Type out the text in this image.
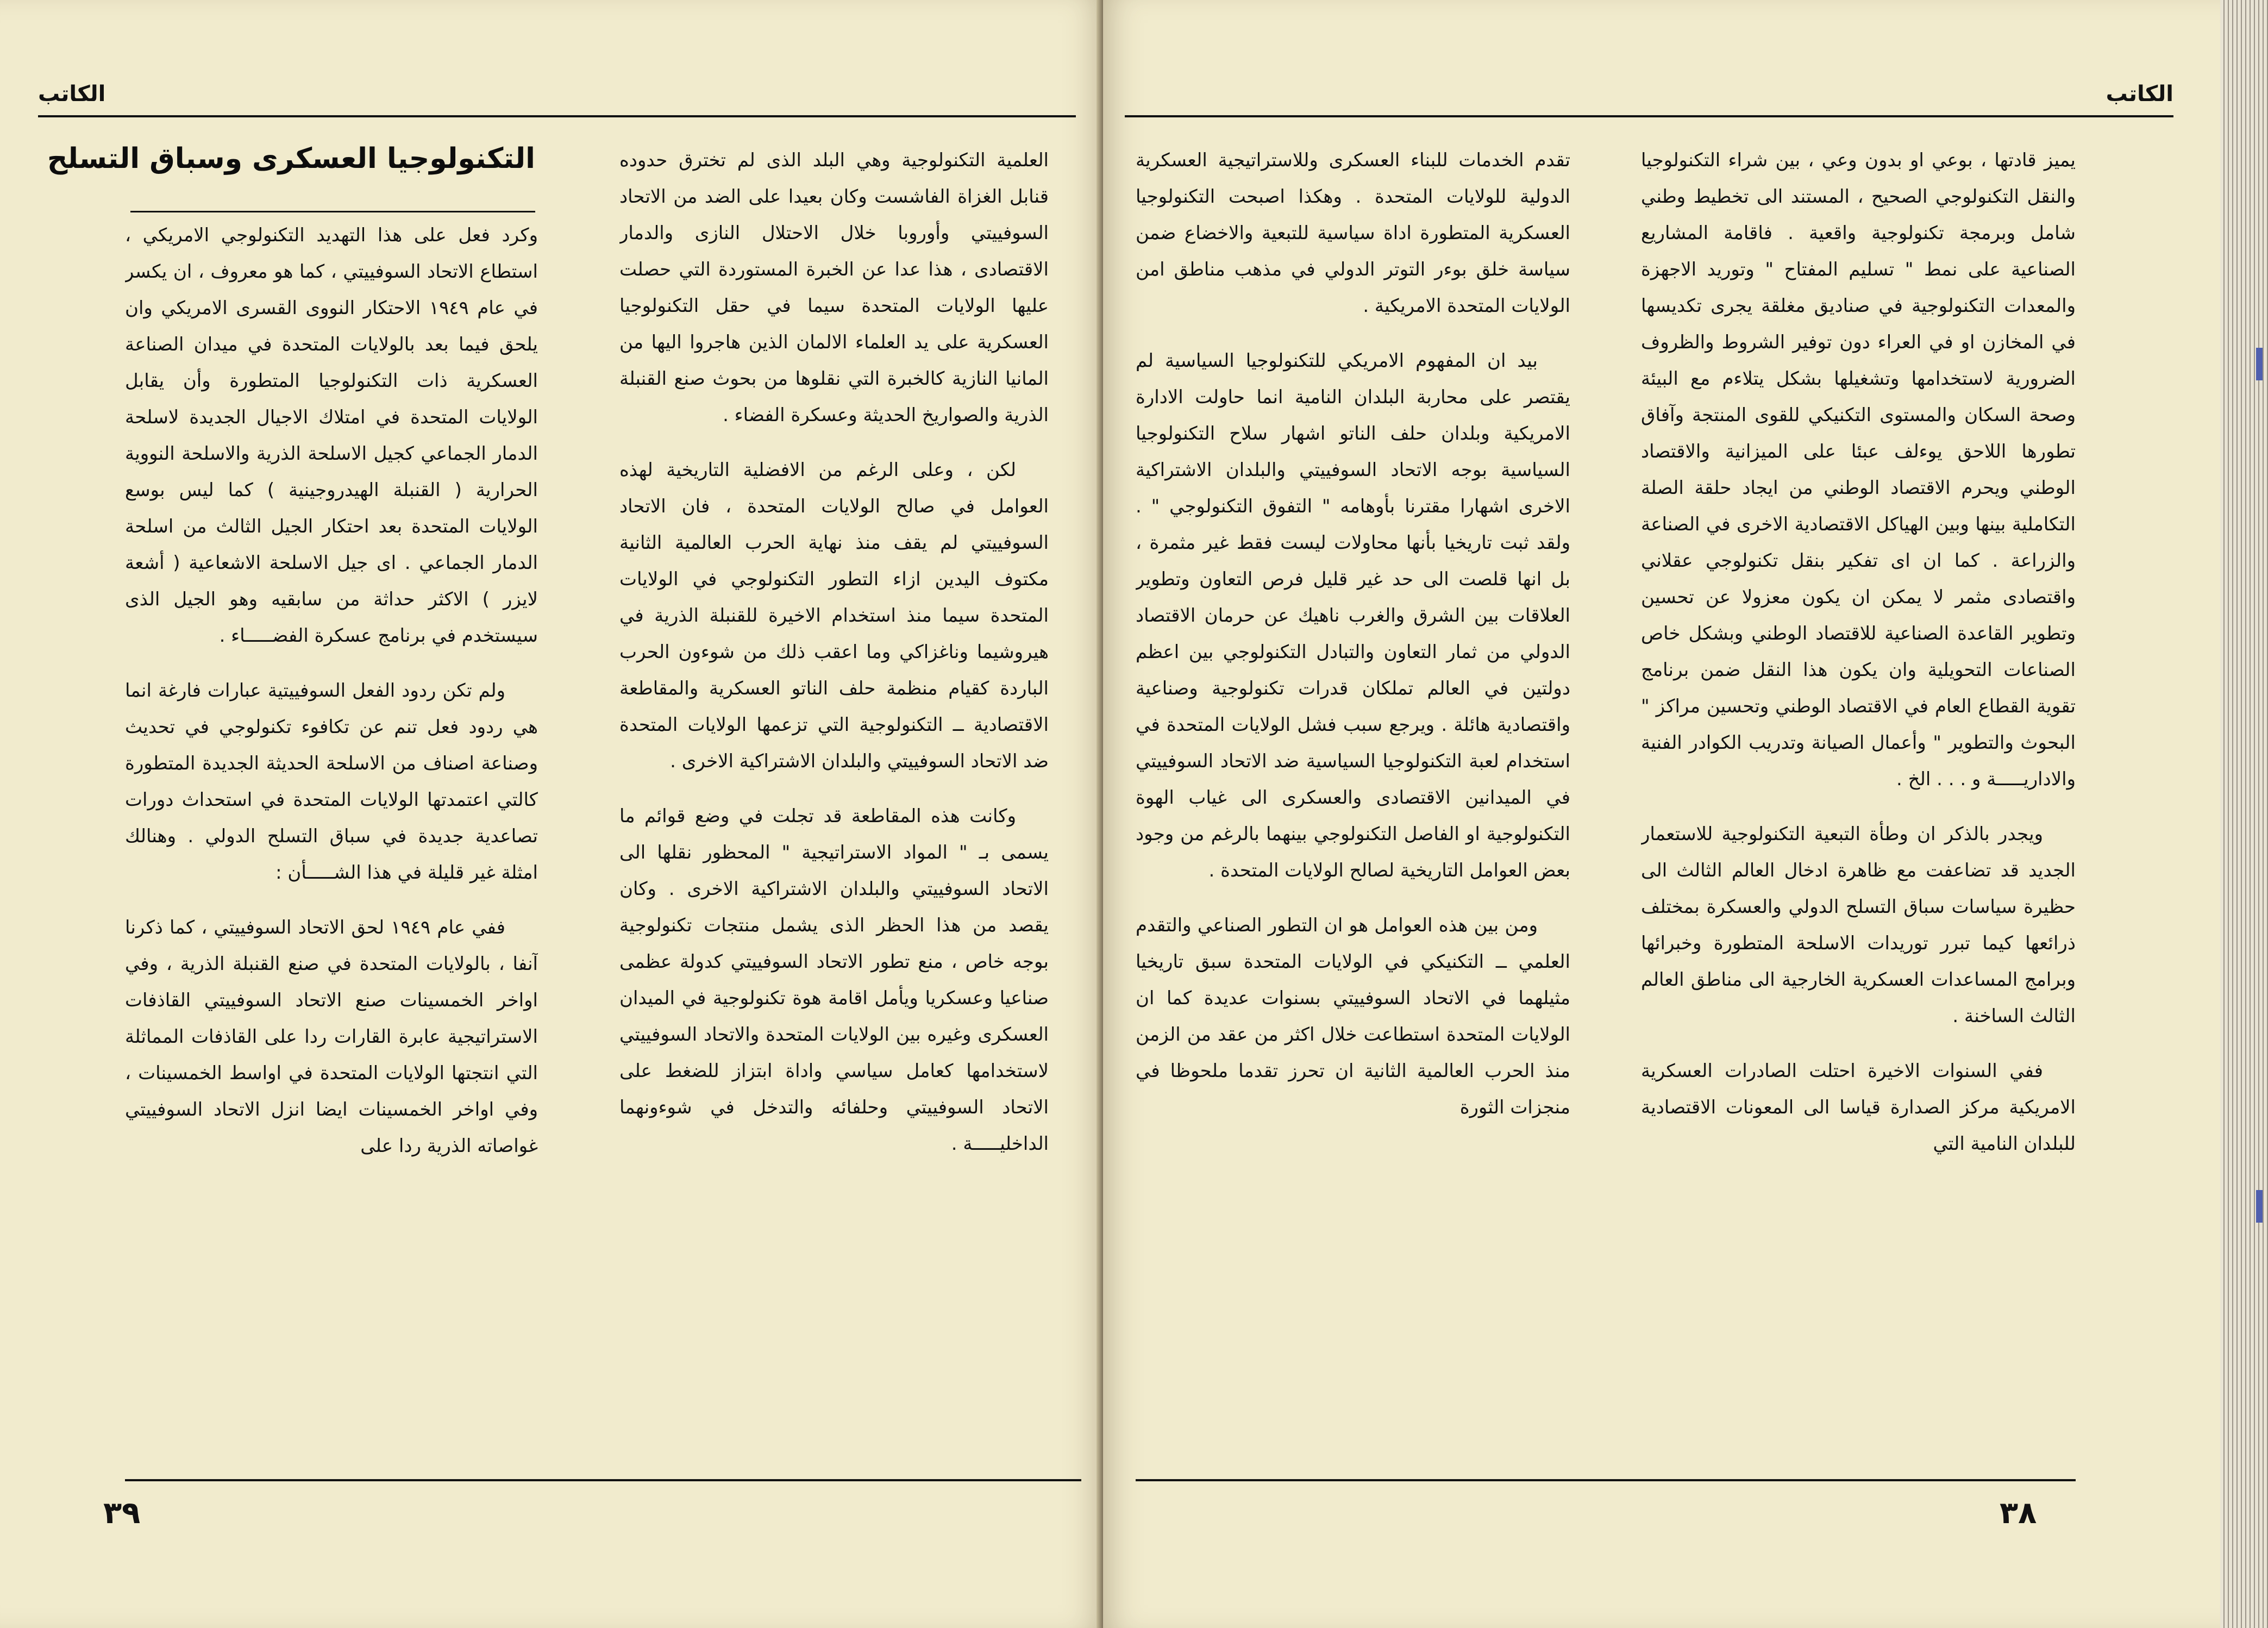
الكاتب
التكنولوجيا العسكرى وسباق التسلح

وكرد فعل على هذا التهديد التكنولوجي الامريكي ، استطاع الاتحاد السوفييتي ، كما هو معروف ، ان يكسر في عام ١٩٤٩ الاحتكار النووى القسرى الامريكي وان يلحق فيما بعد بالولايات المتحدة في ميدان الصناعة العسكرية ذات التكنولوجيا المتطورة وأن يقابل الولايات المتحدة في امتلاك الاجيال الجديدة لاسلحة الدمار الجماعي كجيل الاسلحة الذرية والاسلحة النووية الحرارية ( القنبلة الهيدروجينية ) كما ليس بوسع الولايات المتحدة بعد احتكار الجيل الثالث من اسلحة الدمار الجماعي . اى جيل الاسلحة الاشعاعية ( أشعة لايزر ) الاكثر حداثة من سابقيه وهو الجيل الذى سيستخدم في برنامج عسكرة الفضـــــاء .

ولم تكن ردود الفعل السوفييتية عبارات فارغة انما هي ردود فعل تنم عن تكافوء تكنولوجي في تحديث وصناعة اصناف من الاسلحة الحديثة الجديدة المتطورة كالتي اعتمدتها الولايات المتحدة في استحداث دورات تصاعدية جديدة في سباق التسلح الدولي . وهنالك امثلة غير قليلة في هذا الشـــــأن :

ففي عام ١٩٤٩ لحق الاتحاد السوفييتي ، كما ذكرنا آنفا ، بالولايات المتحدة في صنع القنبلة الذرية ، وفي اواخر الخمسينات صنع الاتحاد السوفييتي القاذفات الاستراتيجية عابرة القارات ردا على القاذفات المماثلة التي انتجتها الولايات المتحدة في اواسط الخمسينات ، وفي اواخر الخمسينات ايضا انزل الاتحاد السوفييتي غواصاته الذرية ردا على

العلمية التكنولوجية وهي البلد الذى لم تخترق حدوده قنابل الغزاة الفاشست وكان بعيدا على الضد من الاتحاد السوفييتي وأوروبا خلال الاحتلال النازى والدمار الاقتصادى ، هذا عدا عن الخبرة المستوردة التي حصلت عليها الولايات المتحدة سيما في حقل التكنولوجيا العسكرية على يد العلماء الالمان الذين هاجروا اليها من المانيا النازية كالخبرة التي نقلوها من بحوث صنع القنبلة الذرية والصواريخ الحديثة وعسكرة الفضاء .

لكن ، وعلى الرغم من الافضلية التاريخية لهذه العوامل في صالح الولايات المتحدة ، فان الاتحاد السوفييتي لم يقف منذ نهاية الحرب العالمية الثانية مكتوف اليدين ازاء التطور التكنولوجي في الولايات المتحدة سيما منذ استخدام الاخيرة للقنبلة الذرية في هيروشيما وناغزاكي وما اعقب ذلك من شوءون الحرب الباردة كقيام منظمة حلف الناتو العسكرية والمقاطعة الاقتصادية ــ التكنولوجية التي تزعمها الولايات المتحدة ضد الاتحاد السوفييتي والبلدان الاشتراكية الاخرى .

وكانت هذه المقاطعة قد تجلت في وضع قوائم ما يسمى بـ " المواد الاستراتيجية " المحظور نقلها الى الاتحاد السوفييتي والبلدان الاشتراكية الاخرى . وكان يقصد من هذا الحظر الذى يشمل منتجات تكنولوجية بوجه خاص ، منع تطور الاتحاد السوفييتي كدولة عظمى صناعيا وعسكريا ويأمل اقامة هوة تكنولوجية في الميدان العسكرى وغيره بين الولايات المتحدة والاتحاد السوفييتي لاستخدامها كعامل سياسي واداة ابتزاز للضغط على الاتحاد السوفييتي وحلفائه والتدخل في شوءونهما الداخليـــــة .

٣٩
الكاتب

تقدم الخدمات للبناء العسكرى وللاستراتيجية العسكرية الدولية للولايات المتحدة . وهكذا اصبحت التكنولوجيا العسكرية المتطورة اداة سياسية للتبعية والاخضاع ضمن سياسة خلق بوءر التوتر الدولي في مذهب مناطق امن الولايات المتحدة الامريكية .

بيد ان المفهوم الامريكي للتكنولوجيا السياسية لم يقتصر على محاربة البلدان النامية انما حاولت الادارة الامريكية وبلدان حلف الناتو اشهار سلاح التكنولوجيا السياسية بوجه الاتحاد السوفييتي والبلدان الاشتراكية الاخرى اشهارا مقترنا بأوهامه " التفوق التكنولوجي " . ولقد ثبت تاريخيا بأنها محاولات ليست فقط غير مثمرة ، بل انها قلصت الى حد غير قليل فرص التعاون وتطوير العلاقات بين الشرق والغرب ناهيك عن حرمان الاقتصاد الدولي من ثمار التعاون والتبادل التكنولوجي بين اعظم دولتين في العالم تملكان قدرات تكنولوجية وصناعية واقتصادية هائلة . ويرجع سبب فشل الولايات المتحدة في استخدام لعبة التكنولوجيا السياسية ضد الاتحاد السوفييتي في الميدانين الاقتصادى والعسكرى الى غياب الهوة التكنولوجية او الفاصل التكنولوجي بينهما بالرغم من وجود بعض العوامل التاريخية لصالح الولايات المتحدة .

ومن بين هذه العوامل هو ان التطور الصناعي والتقدم العلمي ــ التكنيكي في الولايات المتحدة سبق تاريخيا مثيلهما في الاتحاد السوفييتي بسنوات عديدة كما ان الولايات المتحدة استطاعت خلال اكثر من عقد من الزمن منذ الحرب العالمية الثانية ان تحرز تقدما ملحوظا في منجزات الثورة

يميز قادتها ، بوعي او بدون وعي ، بين شراء التكنولوجيا والنقل التكنولوجي الصحيح ، المستند الى تخطيط وطني شامل وبرمجة تكنولوجية واقعية . فاقامة المشاريع الصناعية على نمط " تسليم المفتاح " وتوريد الاجهزة والمعدات التكنولوجية في صناديق مغلقة يجرى تكديسها في المخازن او في العراء دون توفير الشروط والظروف الضرورية لاستخدامها وتشغيلها بشكل يتلاءم مع البيئة وصحة السكان والمستوى التكنيكي للقوى المنتجة وآفاق تطورها اللاحق يوءلف عبئا على الميزانية والاقتصاد الوطني ويحرم الاقتصاد الوطني من ايجاد حلقة الصلة التكاملية بينها وبين الهياكل الاقتصادية الاخرى في الصناعة والزراعة . كما ان اى تفكير بنقل تكنولوجي عقلاني واقتصادى مثمر لا يمكن ان يكون معزولا عن تحسين وتطوير القاعدة الصناعية للاقتصاد الوطني وبشكل خاص الصناعات التحويلية وان يكون هذا النقل ضمن برنامج تقوية القطاع العام في الاقتصاد الوطني وتحسين مراكز " البحوث والتطوير " وأعمال الصيانة وتدريب الكوادر الفنية والاداريـــــة و . . . الخ .

ويجدر بالذكر ان وطأة التبعية التكنولوجية للاستعمار الجديد قد تضاعفت مع ظاهرة ادخال العالم الثالث الى حظيرة سياسات سباق التسلح الدولي والعسكرة بمختلف ذرائعها كيما تبرر توريدات الاسلحة المتطورة وخبرائها وبرامج المساعدات العسكرية الخارجية الى مناطق العالم الثالث الساخنة .

ففي السنوات الاخيرة احتلت الصادرات العسكرية الامريكية مركز الصدارة قياسا الى المعونات الاقتصادية للبلدان النامية التي

٣٨
